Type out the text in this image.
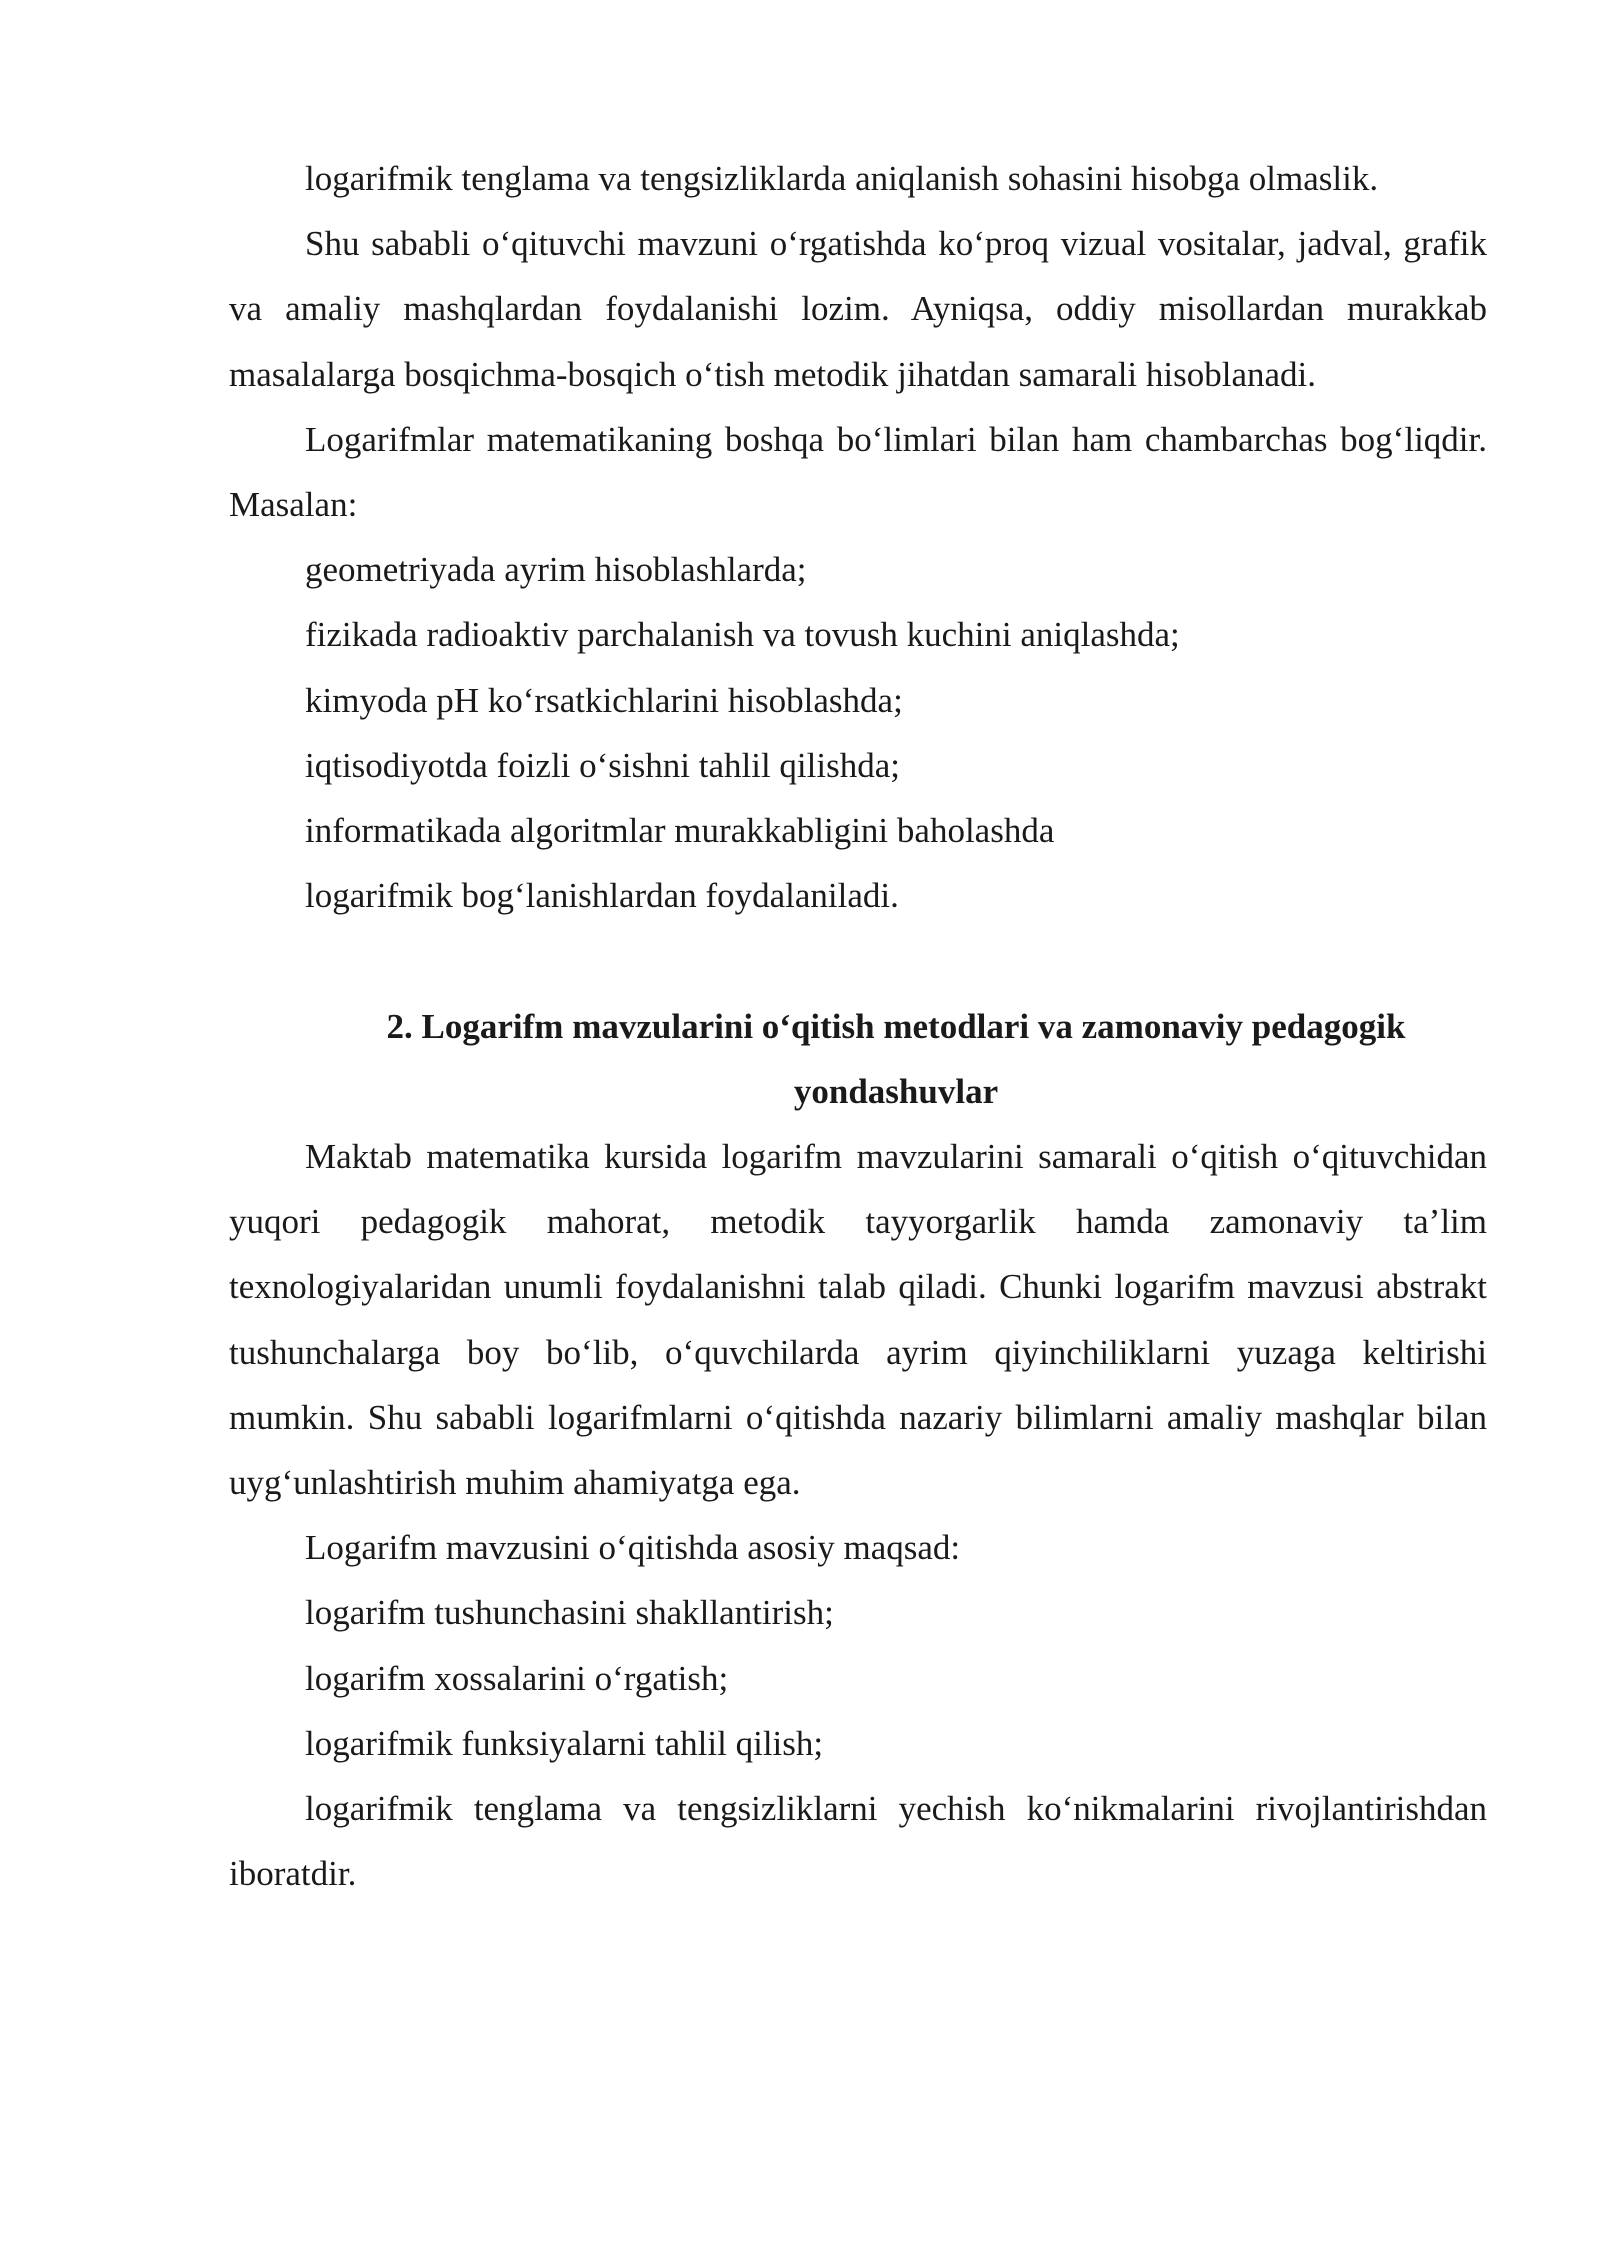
logarifmik tenglama va tengsizliklarda aniqlanish sohasini hisobga olmaslik.

Shu sababli o‘qituvchi mavzuni o‘rgatishda ko‘proq vizual vositalar, jadval, grafik va amaliy mashqlardan foydalanishi lozim. Ayniqsa, oddiy misollardan murakkab masalalarga bosqichma-bosqich o‘tish metodik jihatdan samarali hisoblanadi.

Logarifmlar matematikaning boshqa bo‘limlari bilan ham chambarchas bog‘liqdir. Masalan:

geometriyada ayrim hisoblashlarda;

fizikada radioaktiv parchalanish va tovush kuchini aniqlashda;

kimyoda pH ko‘rsatkichlarini hisoblashda;

iqtisodiyotda foizli o‘sishni tahlil qilishda;

informatikada algoritmlar murakkabligini baholashda

logarifmik bog‘lanishlardan foydalaniladi.

2. Logarifm mavzularini o‘qitish metodlari va zamonaviy pedagogik yondashuvlar

Maktab matematika kursida logarifm mavzularini samarali o‘qitish o‘qituvchidan yuqori pedagogik mahorat, metodik tayyorgarlik hamda zamonaviy ta’lim texnologiyalaridan unumli foydalanishni talab qiladi. Chunki logarifm mavzusi abstrakt tushunchalarga boy bo‘lib, o‘quvchilarda ayrim qiyinchiliklarni yuzaga keltirishi mumkin. Shu sababli logarifmlarni o‘qitishda nazariy bilimlarni amaliy mashqlar bilan uyg‘unlashtirish muhim ahamiyatga ega.

Logarifm mavzusini o‘qitishda asosiy maqsad:

logarifm tushunchasini shakllantirish;

logarifm xossalarini o‘rgatish;

logarifmik funksiyalarni tahlil qilish;

logarifmik tenglama va tengsizliklarni yechish ko‘nikmalarini rivojlantirishdan iboratdir.
